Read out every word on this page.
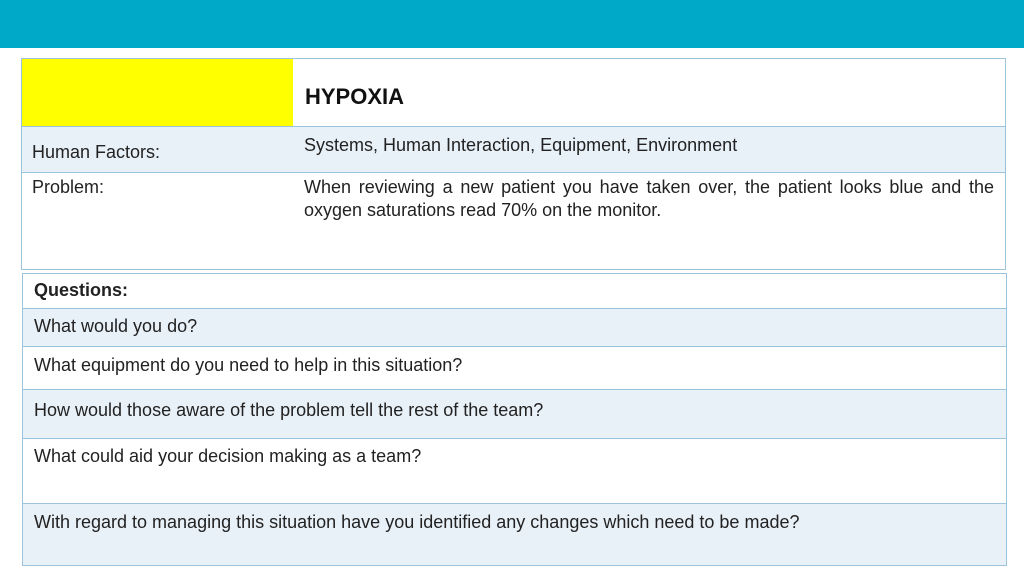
HYPOXIA
Human Factors:	Systems, Human Interaction, Equipment, Environment
Problem:	When reviewing a new patient you have taken over, the patient looks blue and the oxygen saturations read 70% on the monitor.
Questions:
What would you do?
What equipment do you need to help in this situation?
How would those aware of the problem tell the rest of the team?
What could aid your decision making as a team?
With regard to managing this situation have you identified any changes which need to be made?
